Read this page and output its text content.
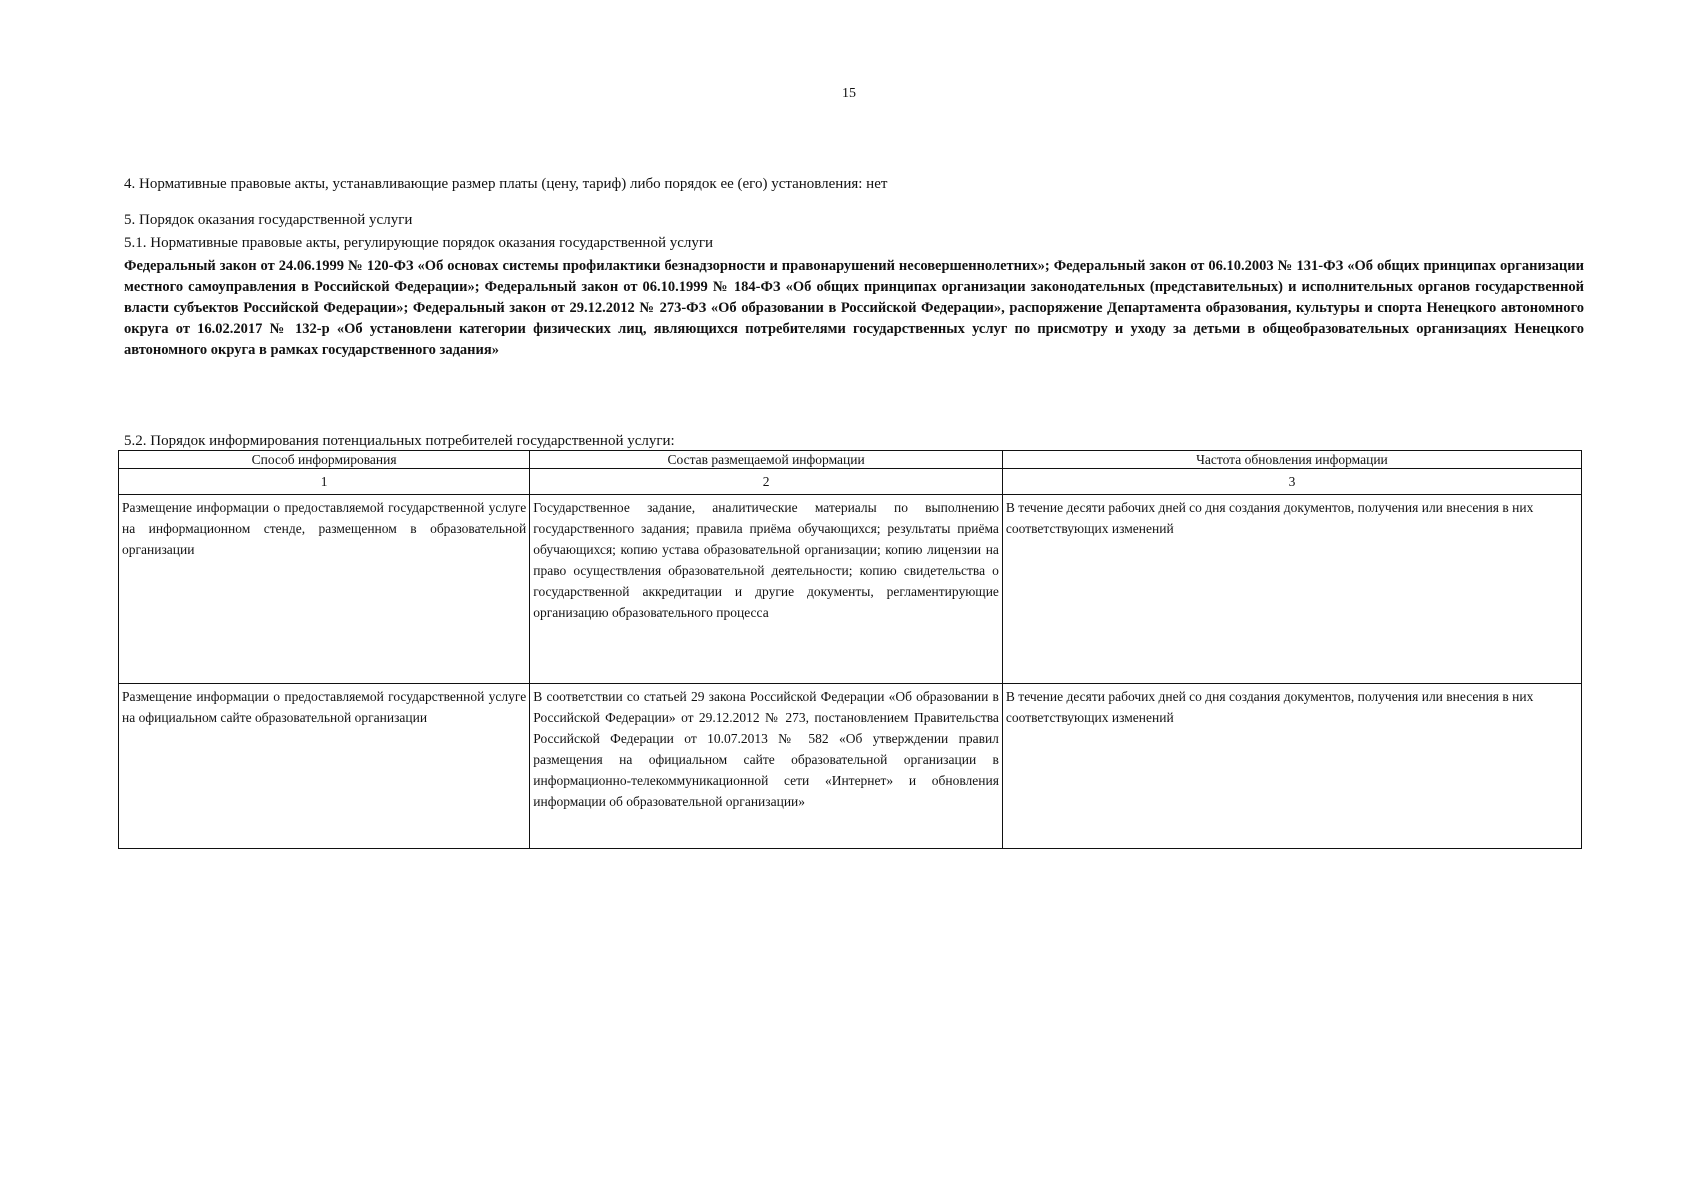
15
4. Нормативные правовые акты, устанавливающие размер платы (цену, тариф) либо порядок ее (его) установления: нет
5. Порядок оказания государственной услуги
5.1. Нормативные правовые акты, регулирующие порядок оказания государственной услуги
Федеральный закон от 24.06.1999 № 120-ФЗ «Об основах системы профилактики безнадзорности и правонарушений несовершеннолетних»; Федеральный закон от 06.10.2003 № 131-ФЗ «Об общих принципах организации местного самоуправления в Российской Федерации»; Федеральный закон от 06.10.1999 № 184-ФЗ «Об общих принципах организации законодательных (представительных) и исполнительных органов государственной власти субъектов Российской Федерации»; Федеральный закон от 29.12.2012 № 273-ФЗ «Об образовании в Российской Федерации», распоряжение Департамента образования, культуры и спорта Ненецкого автономного округа от 16.02.2017 № 132-р «Об установлени категории физических лиц, являющихся потребителями государственных услуг по присмотру и уходу за детьми в общеобразовательных организациях Ненецкого автономного округа в рамках государственного задания»
5.2. Порядок информирования потенциальных потребителей государственной услуги:
Способ информирования	Состав размещаемой информации	Частота обновления информации
1	2	3
Размещение информации о предоставляемой государственной услуге на информационном стенде, размещенном в образовательной организации	Государственное задание, аналитические материалы по выполнению государственного задания; правила приёма обучающихся; результаты приёма обучающихся; копию устава образовательной организации; копию лицензии на право осуществления образовательной деятельности; копию свидетельства о государственной аккредитации и другие документы, регламентирующие организацию образовательного процесса	В течение десяти рабочих дней со дня создания документов, получения или внесения в них соответствующих изменений
Размещение информации о предоставляемой государственной услуге на официальном сайте образовательной организации	В соответствии со статьей 29 закона Российской Федерации «Об образовании в Российской Федерации» от 29.12.2012 № 273, постановлением Правительства Российской Федерации от 10.07.2013 № 582 «Об утверждении правил размещения на официальном сайте образовательной организации в информационно-телекоммуникационной сети «Интернет» и обновления информации об образовательной организации»	В течение десяти рабочих дней со дня создания документов, получения или внесения в них соответствующих изменений
